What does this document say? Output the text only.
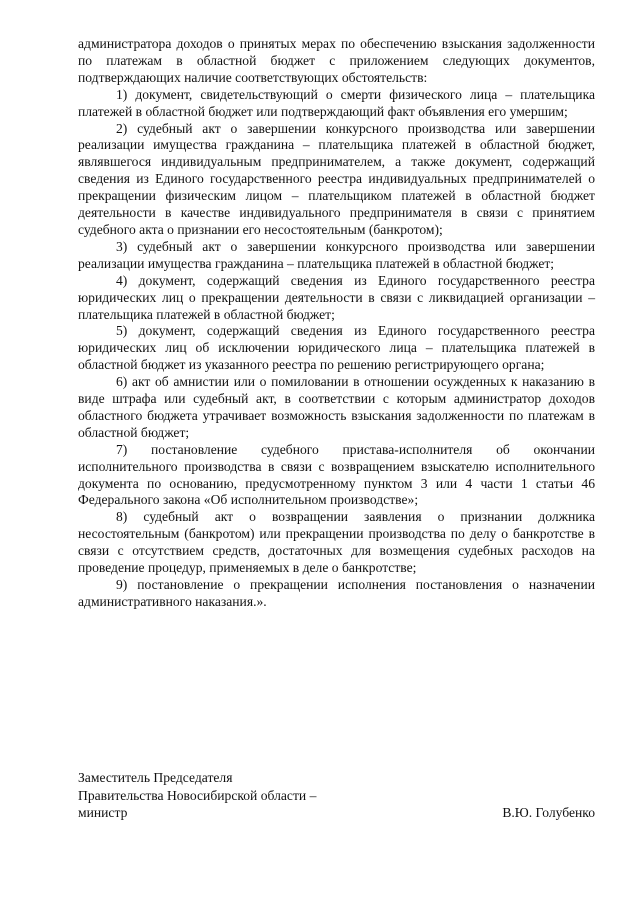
администратора доходов о принятых мерах по обеспечению взыскания задолженности по платежам в областной бюджет с приложением следующих документов, подтверждающих наличие соответствующих обстоятельств:

1) документ, свидетельствующий о смерти физического лица – плательщика платежей в областной бюджет или подтверждающий факт объявления его умершим;

2) судебный акт о завершении конкурсного производства или завершении реализации имущества гражданина – плательщика платежей в областной бюджет, являвшегося индивидуальным предпринимателем, а также документ, содержащий сведения из Единого государственного реестра индивидуальных предпринимателей о прекращении физическим лицом – плательщиком платежей в областной бюджет деятельности в качестве индивидуального предпринимателя в связи с принятием судебного акта о признании его несостоятельным (банкротом);

3) судебный акт о завершении конкурсного производства или завершении реализации имущества гражданина – плательщика платежей в областной бюджет;

4) документ, содержащий сведения из Единого государственного реестра юридических лиц о прекращении деятельности в связи с ликвидацией организации – плательщика платежей в областной бюджет;

5) документ, содержащий сведения из Единого государственного реестра юридических лиц об исключении юридического лица – плательщика платежей в областной бюджет из указанного реестра по решению регистрирующего органа;

6) акт об амнистии или о помиловании в отношении осужденных к наказанию в виде штрафа или судебный акт, в соответствии с которым администратор доходов областного бюджета утрачивает возможность взыскания задолженности по платежам в областной бюджет;

7) постановление судебного пристава-исполнителя об окончании исполнительного производства в связи с возвращением взыскателю исполнительного документа по основанию, предусмотренному пунктом 3 или 4 части 1 статьи 46 Федерального закона «Об исполнительном производстве»;

8) судебный акт о возвращении заявления о признании должника несостоятельным (банкротом) или прекращении производства по делу о банкротстве в связи с отсутствием средств, достаточных для возмещения судебных расходов на проведение процедур, применяемых в деле о банкротстве;

9) постановление о прекращении исполнения постановления о назначении административного наказания.».

Заместитель Председателя
Правительства Новосибирской области –
министр	В.Ю. Голубенко
